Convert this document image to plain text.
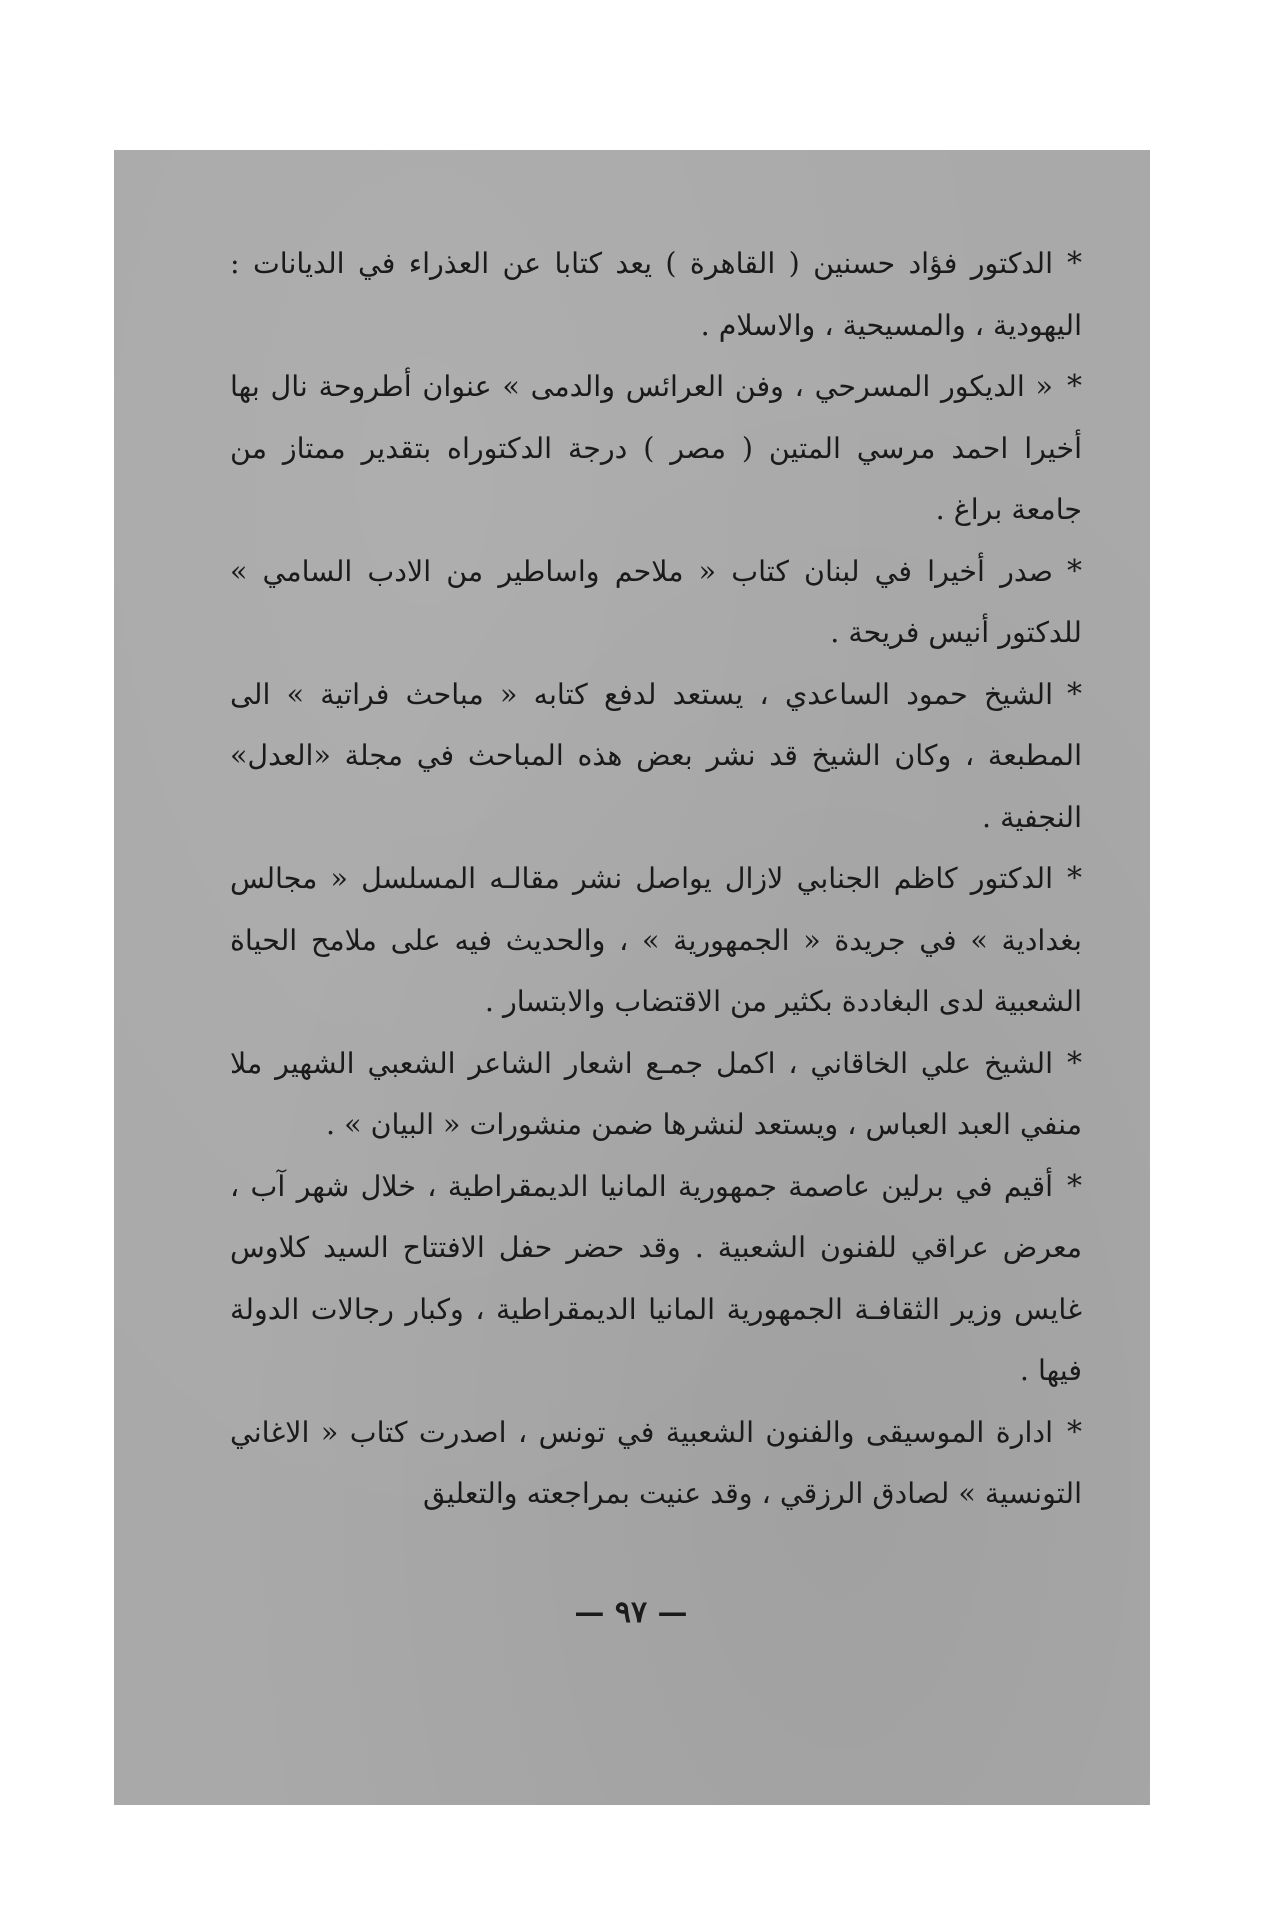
*الدكتور فؤاد حسنين ( القاهرة ) يعد كتابا عن العذراء في الديانات : اليهودية ، والمسيحية ، والاسلام .

*« الديكور المسرحي ، وفن العرائس والدمى » عنوان أطروحة نال بها أخيرا احمد مرسي المتين ( مصر ) درجة الدكتوراه بتقدير ممتاز من جامعة براغ .

*صدر أخيرا في لبنان كتاب « ملاحم واساطير من الادب السامي » للدكتور أنيس فريحة .

*الشيخ حمود الساعدي ، يستعد لدفع كتابه « مباحث فراتية » الى المطبعة ، وكان الشيخ قد نشر بعض هذه المباحث في مجلة «العدل» النجفية .

*الدكتور كاظم الجنابي لازال يواصل نشر مقالـه المسلسل « مجالس بغدادية » في جريدة « الجمهورية » ، والحديث فيه على ملامح الحياة الشعبية لدى البغاددة بكثير من الاقتضاب والابتسار .

*الشيخ علي الخاقاني ، اكمل جمـع اشعار الشاعر الشعبي الشهير ملا منفي العبد العباس ، ويستعد لنشرها ضمن منشورات « البيان » .

*أقيم في برلين عاصمة جمهورية المانيا الديمقراطية ، خلال شهر آب ، معرض عراقي للفنون الشعبية . وقد حضر حفل الافتتاح السيد كلاوس غايس وزير الثقافـة الجمهورية المانيا الديمقراطية ، وكبار رجالات الدولة فيها .

*ادارة الموسيقى والفنون الشعبية في تونس ، اصدرت كتاب « الاغاني التونسية » لصادق الرزقي ، وقد عنيت بمراجعته والتعليق

— ٩٧ —
